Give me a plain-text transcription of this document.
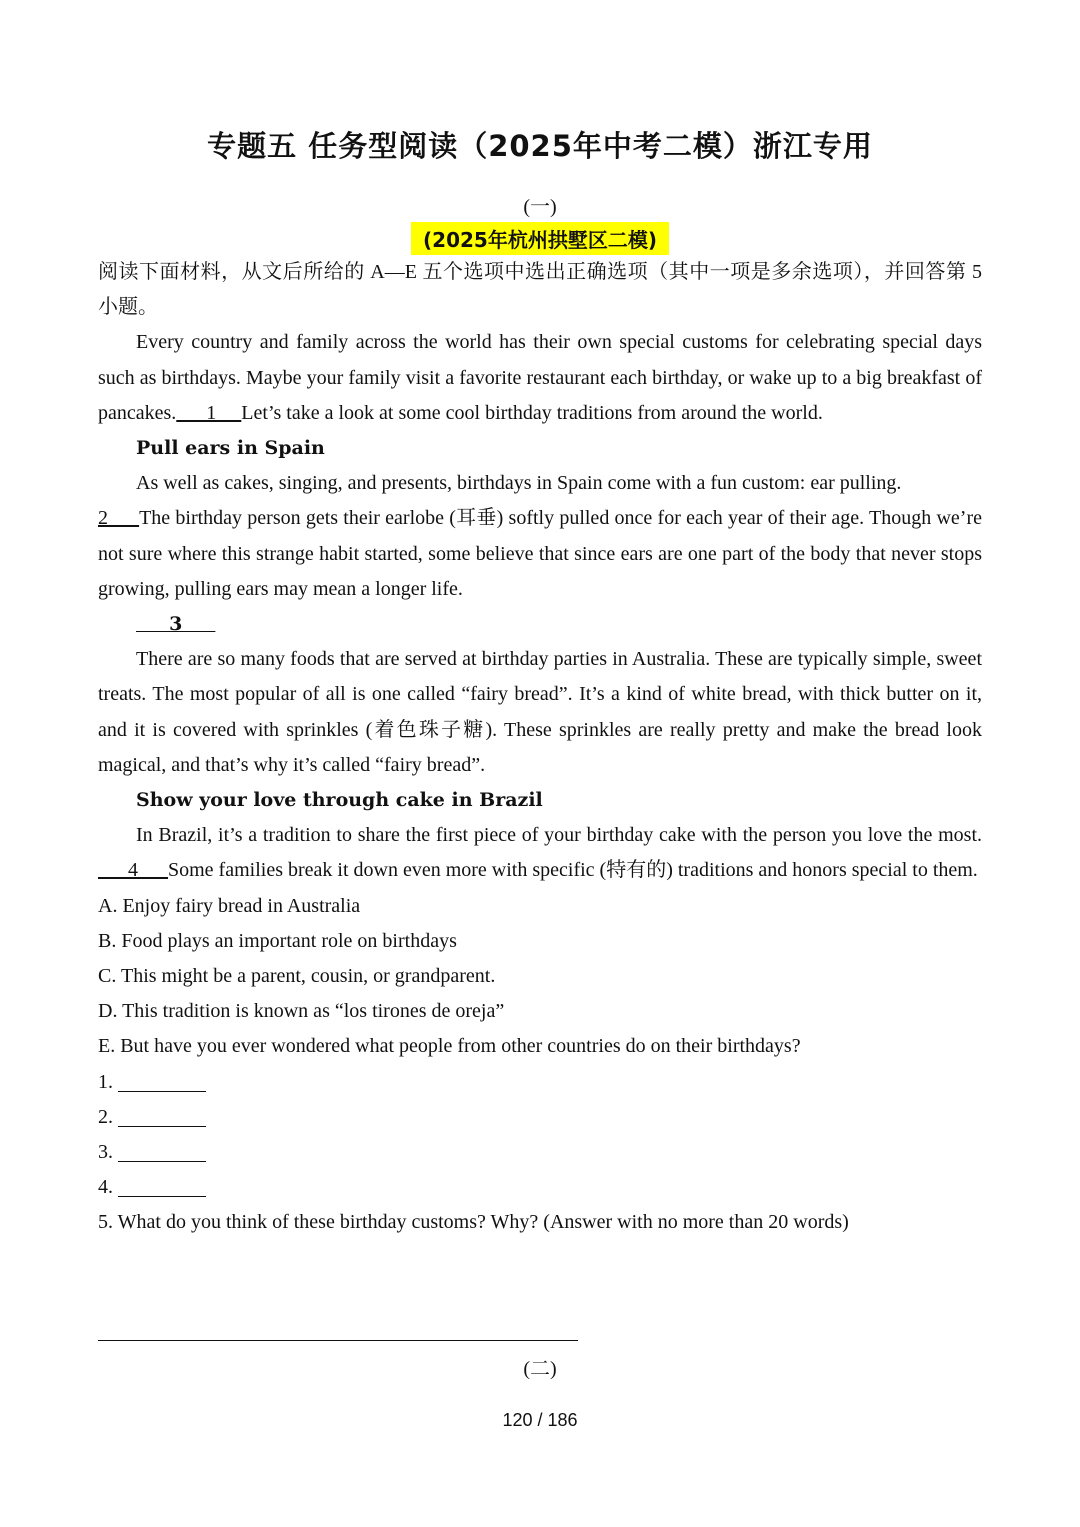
专题五 任务型阅读（2025年中考二模）浙江专用
(一)
(2025年杭州拱墅区二模)

阅读下面材料，从文后所给的 A—E 五个选项中选出正确选项（其中一项是多余选项），并回答第 5 小题。

Every country and family across the world has their own special customs for celebrating special days such as birthdays. Maybe your family visit a favorite restaurant each birthday, or wake up to a big breakfast of pancakes.      1     Let’s take a look at some cool birthday traditions from around the world.

Pull ears in Spain

As well as cakes, singing, and presents, birthdays in Spain come with a fun custom: ear pulling.

2      The birthday person gets their earlobe (耳垂) softly pulled once for each year of their age. Though we’re not sure where this strange habit started, some believe that since ears are one part of the body that never stops growing, pulling ears may mean a longer life.

3

There are so many foods that are served at birthday parties in Australia. These are typically simple, sweet treats. The most popular of all is one called “fairy bread”. It’s a kind of white bread, with thick butter on it, and it is covered with sprinkles (着色珠子糖). These sprinkles are really pretty and make the bread look magical, and that’s why it’s called “fairy bread”.

Show your love through cake in Brazil

In Brazil, it’s a tradition to share the first piece of your birthday cake with the person you love the most.      4      Some families break it down even more with specific (特有的) traditions and honors special to them.

A. Enjoy fairy bread in Australia

B. Food plays an important role on birthdays

C. This might be a parent, cousin, or grandparent.

D. This tradition is known as “los tirones de oreja”

E. But have you ever wondered what people from other countries do on their birthdays?

1.

2.

3.

4.

5. What do you think of these birthday customs? Why? (Answer with no more than 20 words)

(二)
120 / 186
